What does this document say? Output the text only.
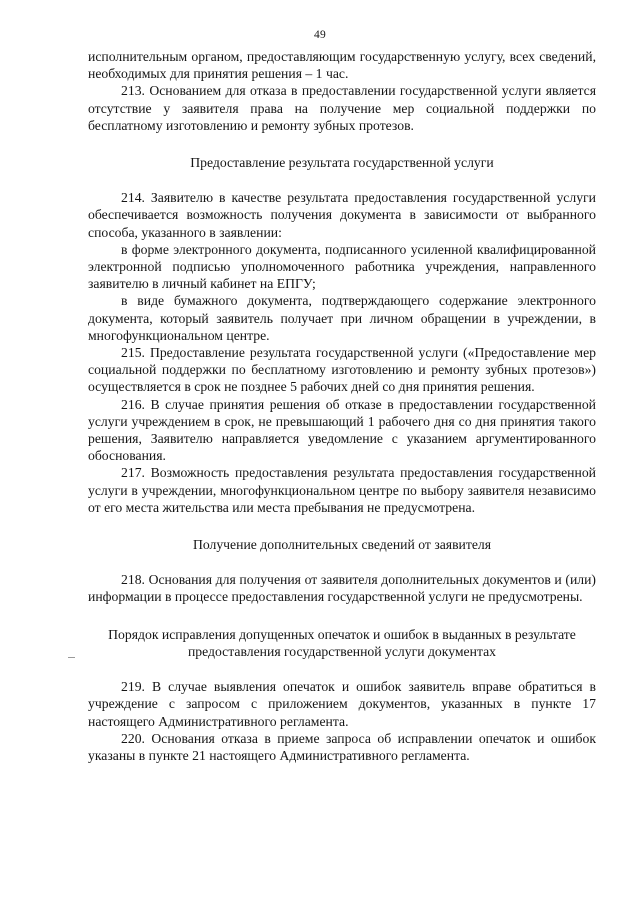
49

исполнительным органом, предоставляющим государственную услугу, всех сведений, необходимых для принятия решения – 1 час.

213. Основанием для отказа в предоставлении государственной услуги является отсутствие у заявителя права на получение мер социальной поддержки по бесплатному изготовлению и ремонту зубных протезов.

Предоставление результата государственной услуги

214. Заявителю в качестве результата предоставления государственной услуги обеспечивается возможность получения документа в зависимости от выбранного способа, указанного в заявлении:

в форме электронного документа, подписанного усиленной квалифицированной электронной подписью уполномоченного работника учреждения, направленного заявителю в личный кабинет на ЕПГУ;

в виде бумажного документа, подтверждающего содержание электронного документа, который заявитель получает при личном обращении в учреждении, в многофункциональном центре.

215. Предоставление результата государственной услуги («Предоставление мер социальной поддержки по бесплатному изготовлению и ремонту зубных протезов») осуществляется в срок не позднее 5 рабочих дней со дня принятия решения.

216. В случае принятия решения об отказе в предоставлении государственной услуги учреждением в срок, не превышающий 1 рабочего дня со дня принятия такого решения, Заявителю направляется уведомление с указанием аргументированного обоснования.

217. Возможность предоставления результата предоставления государственной услуги в учреждении, многофункциональном центре по выбору заявителя независимо от его места жительства или места пребывания не предусмотрена.

Получение дополнительных сведений от заявителя

218. Основания для получения от заявителя дополнительных документов и (или) информации в процессе предоставления государственной услуги не предусмотрены.

Порядок исправления допущенных опечаток и ошибок в выданных в результате предоставления государственной услуги документах

219. В случае выявления опечаток и ошибок заявитель вправе обратиться в учреждение с запросом с приложением документов, указанных в пункте 17 настоящего Административного регламента.

220. Основания отказа в приеме запроса об исправлении опечаток и ошибок указаны в пункте 21 настоящего Административного регламента.
